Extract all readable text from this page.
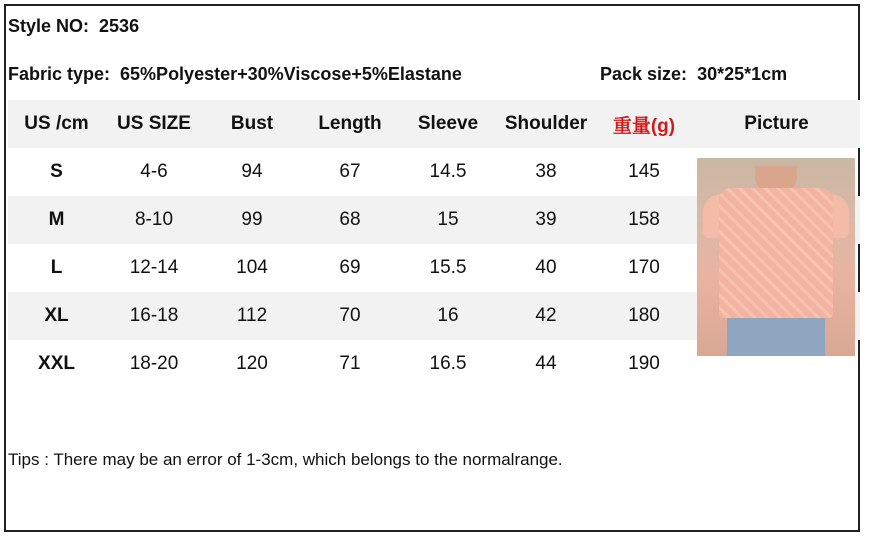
Style NO: 2536
Fabric type: 65%Polyester+30%Viscose+5%Elastane	Pack size: 30*25*1cm
US /cm	US SIZE	Bust	Length	Sleeve	Shoulder	重量(g)	Picture
S	4-6	94	67	14.5	38	145
M	8-10	99	68	15	39	158
L	12-14	104	69	15.5	40	170
XL	16-18	112	70	16	42	180
XXL	18-20	120	71	16.5	44	190
Tips : There may be an error of 1-3cm, which belongs to the normalrange.
